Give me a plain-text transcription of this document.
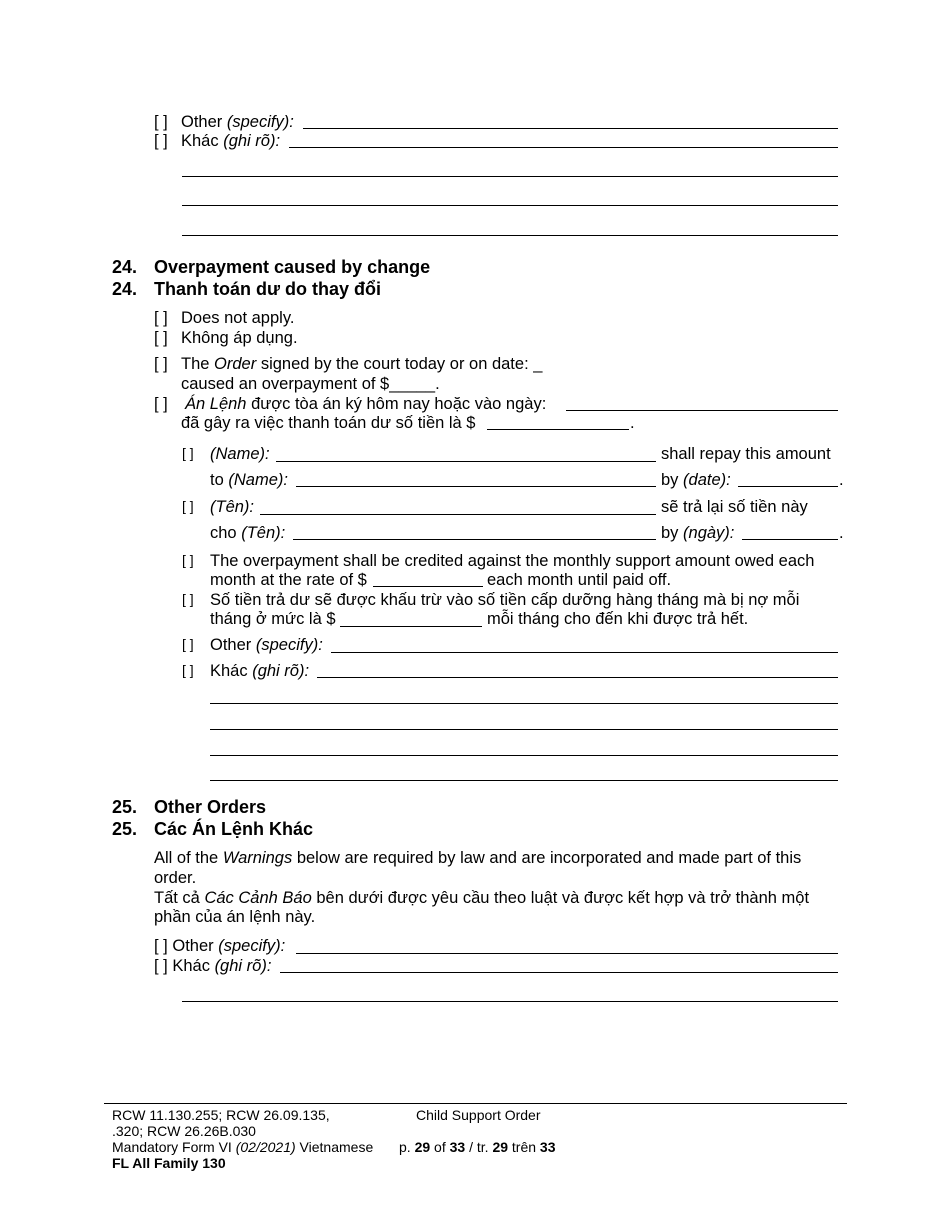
[ ] Other (specify):
[ ] Khác (ghi rõ):
24. Overpayment caused by change
24. Thanh toán dư do thay đổi
[ ] Does not apply.
[ ] Không áp dụng.
[ ] The Order signed by the court today or on date: _
caused an overpayment of $_____.
[ ] Án Lệnh được tòa án ký hôm nay hoặc vào ngày:
đã gây ra việc thanh toán dư số tiền là $	.
[ ] (Name):	shall repay this amount
to (Name):	by (date):	.
[ ] (Tên):	sẽ trả lại số tiền này
cho (Tên):	by (ngày):	.
[ ] The overpayment shall be credited against the monthly support amount owed each
month at the rate of $	each month until paid off.
[ ] Số tiền trả dư sẽ được khấu trừ vào số tiền cấp dưỡng hàng tháng mà bị nợ mỗi
tháng ở mức là $	mỗi tháng cho đến khi được trả hết.
[ ] Other (specify):
[ ] Khác (ghi rõ):
25. Other Orders
25. Các Án Lệnh Khác
All of the Warnings below are required by law and are incorporated and made part of this
order.
Tất cả Các Cảnh Báo bên dưới được yêu cầu theo luật và được kết hợp và trở thành một
phần của án lệnh này.
[ ] Other (specify):
[ ] Khác (ghi rõ):
RCW 11.130.255; RCW 26.09.135,
.320; RCW 26.26B.030
Mandatory Form VI (02/2021) Vietnamese
FL All Family 130
Child Support Order
p. 29 of 33 / tr. 29 trên 33
